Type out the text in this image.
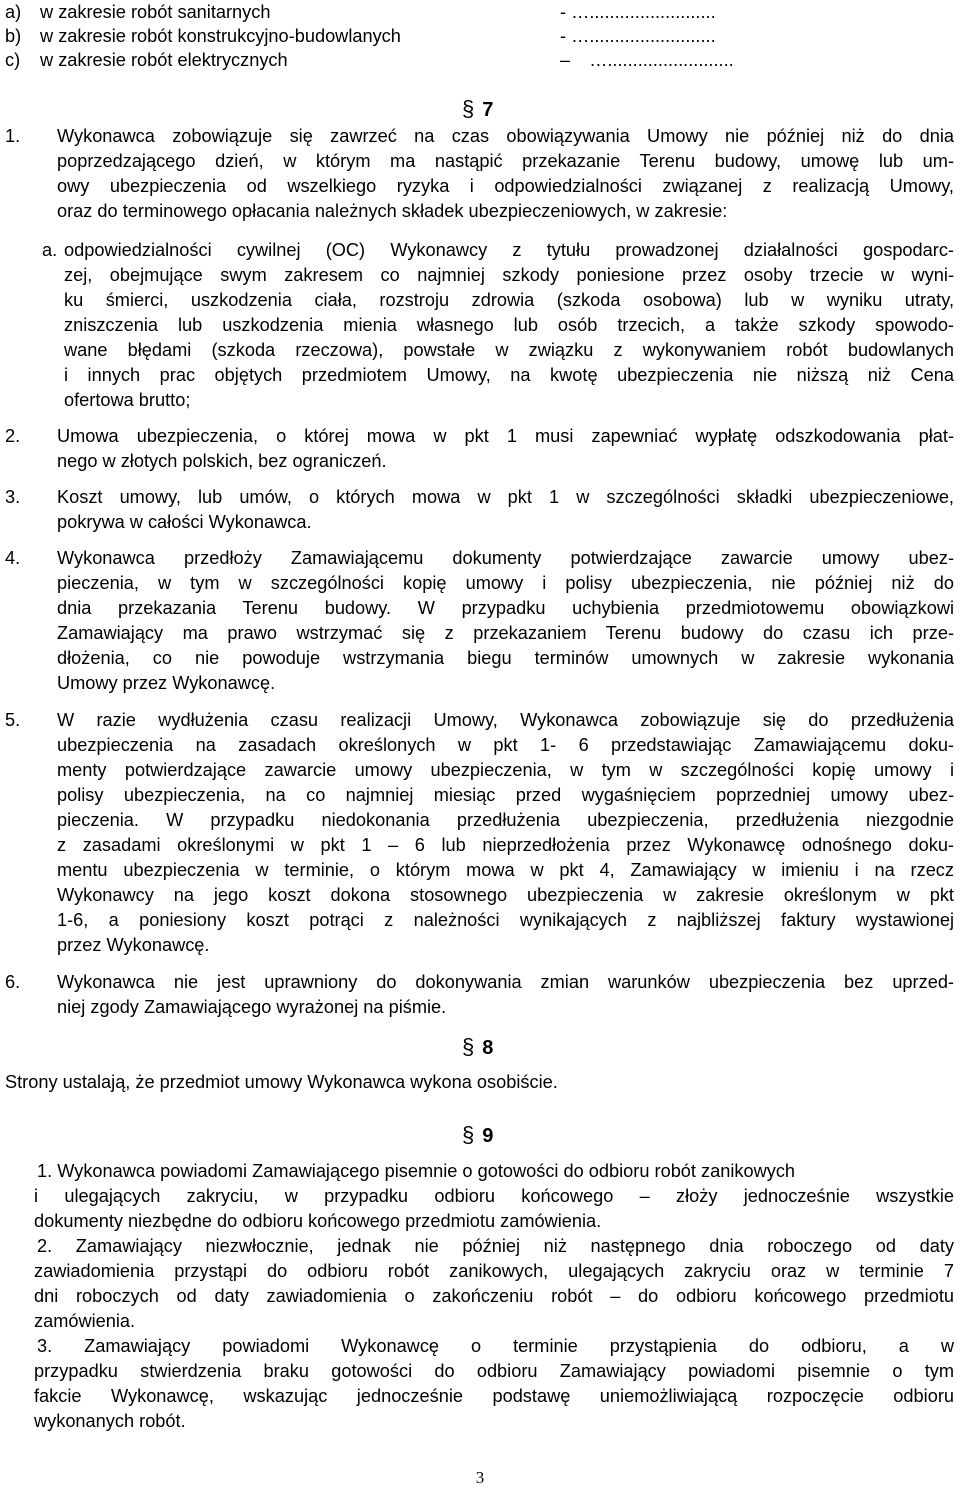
a) w zakresie robót sanitarnych	- ….........................
b) w zakresie robót konstrukcyjno-budowlanych	- ….........................
c) w zakresie robót elektrycznych	– ….........................
§ 7
1. Wykonawca zobowiązuje się zawrzeć na czas obowiązywania Umowy nie później niż do dnia
poprzedzającego dzień, w którym ma nastąpić przekazanie Terenu budowy, umowę lub um-
owy ubezpieczenia od wszelkiego ryzyka i odpowiedzialności związanej z realizacją Umowy,
oraz do terminowego opłacania należnych składek ubezpieczeniowych, w zakresie:
a. odpowiedzialności cywilnej (OC) Wykonawcy z tytułu prowadzonej działalności gospodarc-
zej, obejmujące swym zakresem co najmniej szkody poniesione przez osoby trzecie w wyni-
ku śmierci, uszkodzenia ciała, rozstroju zdrowia (szkoda osobowa) lub w wyniku utraty,
zniszczenia lub uszkodzenia mienia własnego lub osób trzecich, a także szkody spowodo-
wane błędami (szkoda rzeczowa), powstałe w związku z wykonywaniem robót budowlanych
i innych prac objętych przedmiotem Umowy, na kwotę ubezpieczenia nie niższą niż Cena
ofertowa brutto;
2. Umowa ubezpieczenia, o której mowa w pkt 1 musi zapewniać wypłatę odszkodowania płat-
nego w złotych polskich, bez ograniczeń.
3. Koszt umowy, lub umów, o których mowa w pkt 1 w szczególności składki ubezpieczeniowe,
pokrywa w całości Wykonawca.
4. Wykonawca przedłoży Zamawiającemu dokumenty potwierdzające zawarcie umowy ubez-
pieczenia, w tym w szczególności kopię umowy i polisy ubezpieczenia, nie później niż do
dnia przekazania Terenu budowy. W przypadku uchybienia przedmiotowemu obowiązkowi
Zamawiający ma prawo wstrzymać się z przekazaniem Terenu budowy do czasu ich prze-
dłożenia, co nie powoduje wstrzymania biegu terminów umownych w zakresie wykonania
Umowy przez Wykonawcę.
5. W razie wydłużenia czasu realizacji Umowy, Wykonawca zobowiązuje się do przedłużenia
ubezpieczenia na zasadach określonych w pkt 1- 6 przedstawiając Zamawiającemu doku-
menty potwierdzające zawarcie umowy ubezpieczenia, w tym w szczególności kopię umowy i
polisy ubezpieczenia, na co najmniej miesiąc przed wygaśnięciem poprzedniej umowy ubez-
pieczenia. W przypadku niedokonania przedłużenia ubezpieczenia, przedłużenia niezgodnie
z zasadami określonymi w pkt 1 – 6 lub nieprzedłożenia przez Wykonawcę odnośnego doku-
mentu ubezpieczenia w terminie, o którym mowa w pkt 4, Zamawiający w imieniu i na rzecz
Wykonawcy na jego koszt dokona stosownego ubezpieczenia w zakresie określonym w pkt
1-6, a poniesiony koszt potrąci z należności wynikających z najbliższej faktury wystawionej
przez Wykonawcę.
6. Wykonawca nie jest uprawniony do dokonywania zmian warunków ubezpieczenia bez uprzed-
niej zgody Zamawiającego wyrażonej na piśmie.
§ 8
Strony ustalają, że przedmiot umowy Wykonawca wykona osobiście.
§ 9
1. Wykonawca powiadomi Zamawiającego pisemnie o gotowości do odbioru robót zanikowych
i ulegających zakryciu, w przypadku odbioru końcowego – złoży jednocześnie wszystkie
dokumenty niezbędne do odbioru końcowego przedmiotu zamówienia.
2. Zamawiający niezwłocznie, jednak nie później niż następnego dnia roboczego od daty
zawiadomienia przystąpi do odbioru robót zanikowych, ulegających zakryciu oraz w terminie 7
dni roboczych od daty zawiadomienia o zakończeniu robót – do odbioru końcowego przedmiotu
zamówienia.
3. Zamawiający powiadomi Wykonawcę o terminie przystąpienia do odbioru, a w
przypadku stwierdzenia braku gotowości do odbioru Zamawiający powiadomi pisemnie o tym
fakcie Wykonawcę, wskazując jednocześnie podstawę uniemożliwiającą rozpoczęcie odbioru
wykonanych robót.
3
